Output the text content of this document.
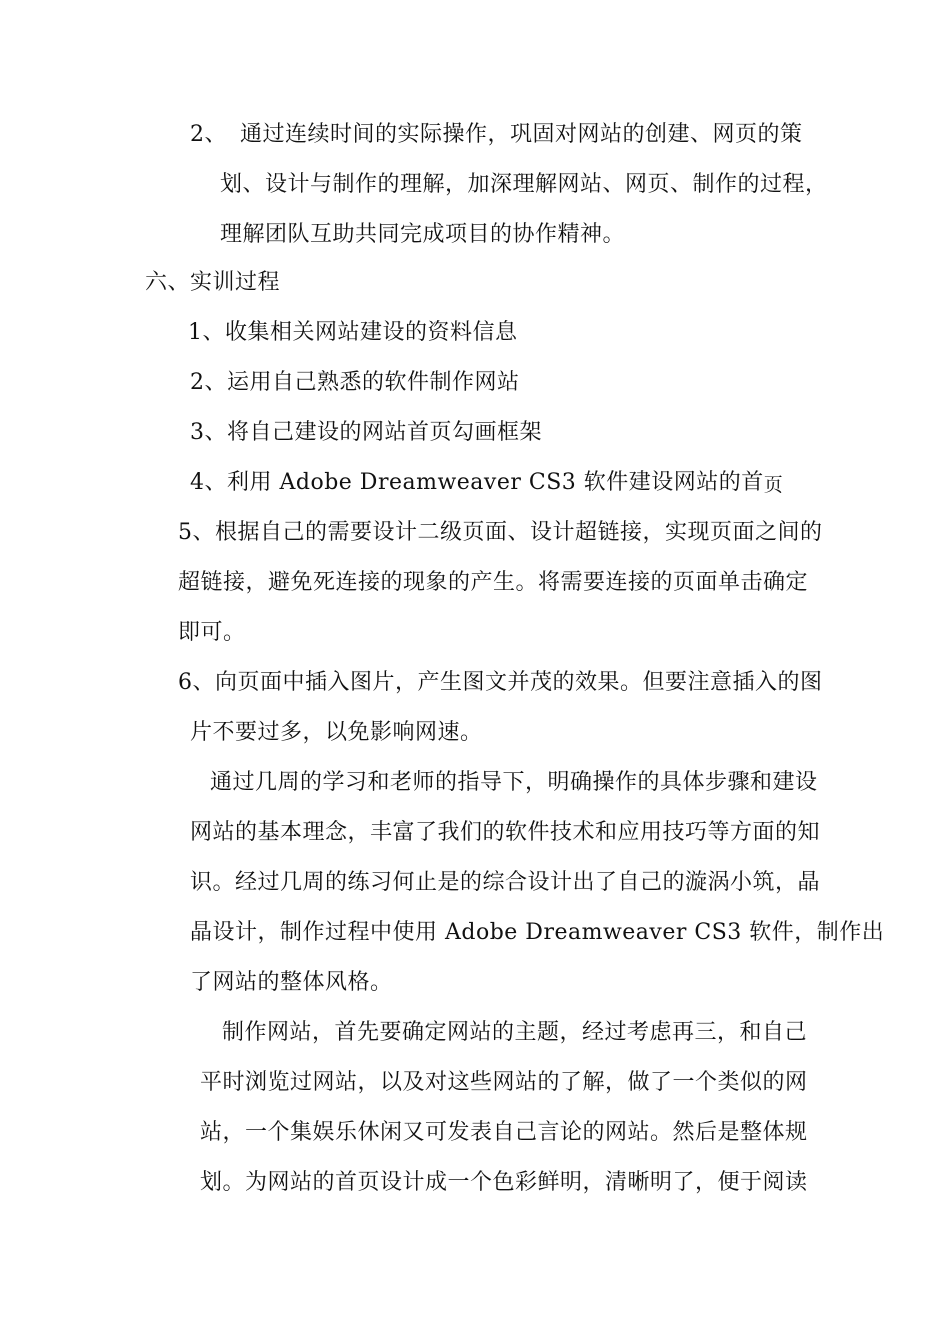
2、 通过连续时间的实际操作，巩固对网站的创建、网页的策
划、设计与制作的理解，加深理解网站、网页、制作的过程，
理解团队互助共同完成项目的协作精神。
六、实训过程
1、收集相关网站建设的资料信息
2、运用自己熟悉的软件制作网站
3、将自己建设的网站首页勾画框架
4、利用 Adobe Dreamweaver CS3 软件建设网站的首页
5、根据自己的需要设计二级页面、设计超链接，实现页面之间的
超链接，避免死连接的现象的产生。将需要连接的页面单击确定
即可。
6、向页面中插入图片，产生图文并茂的效果。但要注意插入的图
片不要过多，以免影响网速。
通过几周的学习和老师的指导下，明确操作的具体步骤和建设
网站的基本理念，丰富了我们的软件技术和应用技巧等方面的知
识。经过几周的练习何止是的综合设计出了自己的漩涡小筑，晶
晶设计，制作过程中使用 Adobe Dreamweaver CS3 软件，制作出
了网站的整体风格。
制作网站，首先要确定网站的主题，经过考虑再三，和自己
平时浏览过网站，以及对这些网站的了解，做了一个类似的网
站，一个集娱乐休闲又可发表自己言论的网站。然后是整体规
划。为网站的首页设计成一个色彩鲜明，清晰明了，便于阅读
